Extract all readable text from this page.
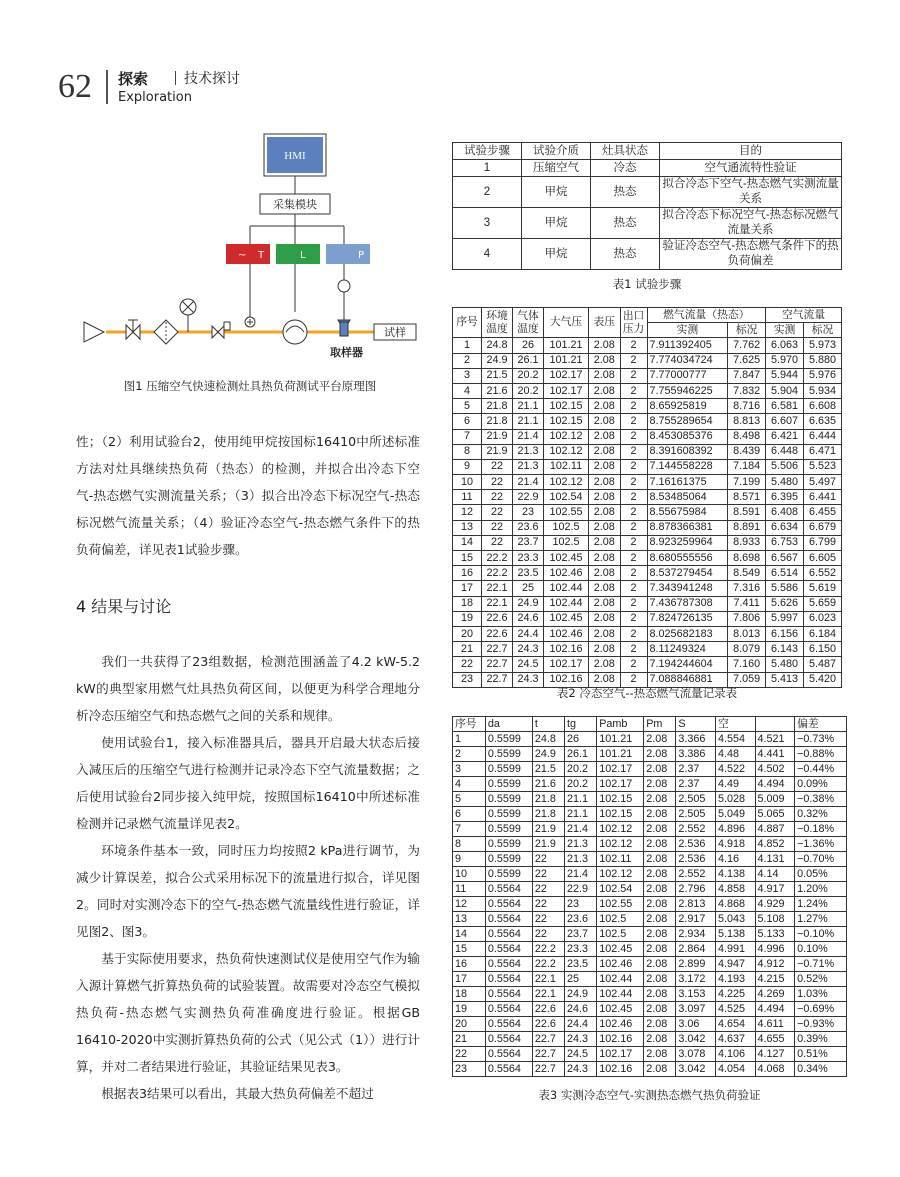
62 探索	技术探讨
Exploration
HMI
采集模块
~ T	L	P
取样器
试样
图1 压缩空气快速检测灶具热负荷测试平台原理图
性；（2）利用试验台2，使用纯甲烷按国标16410中所述标准方法对灶具继续热负荷（热态）的检测，并拟合出冷态下空气-热态燃气实测流量关系；（3）拟合出冷态下标况空气-热态标况燃气流量关系；（4）验证冷态空气-热态燃气条件下的热负荷偏差，详见表1试验步骤。
4 结果与讨论
我们一共获得了23组数据，检测范围涵盖了4.2 kW-5.2 kW的典型家用燃气灶具热负荷区间，以便更为科学合理地分析冷态压缩空气和热态燃气之间的关系和规律。
使用试验台1，接入标准器具后，器具开启最大状态后接入减压后的压缩空气进行检测并记录冷态下空气流量数据；之后使用试验台2同步接入纯甲烷，按照国标16410中所述标准检测并记录燃气流量详见表2。
环境条件基本一致，同时压力均按照2 kPa进行调节，为减少计算误差，拟合公式采用标况下的流量进行拟合，详见图2。同时对实测冷态下的空气-热态燃气流量线性进行验证，详见图2、图3。
基于实际使用要求，热负荷快速测试仪是使用空气作为输入源计算燃气折算热负荷的试验装置。故需要对冷态空气模拟热负荷-热态燃气实测热负荷准确度进行验证。根据GB 16410-2020中实测折算热负荷的公式（见公式（1））进行计算，并对二者结果进行验证，其验证结果见表3。
根据表3结果可以看出，其最大热负荷偏差不超过
试验步骤	试验介质	灶具状态	目的
1	压缩空气	冷态	空气通流特性验证
2	甲烷	热态	拟合冷态下空气-热态燃气实测流量关系
3	甲烷	热态	拟合冷态下标况空气-热态标况燃气流量关系
4	甲烷	热态	验证冷态空气-热态燃气条件下的热负荷偏差
表1 试验步骤
序号	环境温度	气体温度	大气压	表压	出口压力	燃气流量（热态）		空气流量	
						实测	标况	实测	标况
1	24.8	26	101.21	2.08	2	7.911392405	7.762	6.063	5.973
2	24.9	26.1	101.21	2.08	2	7.774034724	7.625	5.970	5.880
3	21.5	20.2	102.17	2.08	2	7.77000777	7.847	5.944	5.976
4	21.6	20.2	102.17	2.08	2	7.755946225	7.832	5.904	5.934
5	21.8	21.1	102.15	2.08	2	8.65925819	8.716	6.581	6.608
6	21.8	21.1	102.15	2.08	2	8.755289654	8.813	6.607	6.635
7	21.9	21.4	102.12	2.08	2	8.453085376	8.498	6.421	6.444
8	21.9	21.3	102.12	2.08	2	8.391608392	8.439	6.448	6.471
9	22	21.3	102.11	2.08	2	7.144558228	7.184	5.506	5.523
10	22	21.4	102.12	2.08	2	7.16161375	7.199	5.480	5.497
11	22	22.9	102.54	2.08	2	8.53485064	8.571	6.395	6.441
12	22	23	102.55	2.08	2	8.55675984	8.591	6.408	6.455
13	22	23.6	102.5	2.08	2	8.878366381	8.891	6.634	6.679
14	22	23.7	102.5	2.08	2	8.923259964	8.933	6.753	6.799
15	22.2	23.3	102.45	2.08	2	8.680555556	8.698	6.567	6.605
16	22.2	23.5	102.46	2.08	2	8.537279454	8.549	6.514	6.552
17	22.1	25	102.44	2.08	2	7.343941248	7.316	5.586	5.619
18	22.1	24.9	102.44	2.08	2	7.436787308	7.411	5.626	5.659
19	22.6	24.6	102.45	2.08	2	7.824726135	7.806	5.997	6.023
20	22.6	24.4	102.46	2.08	2	8.025682183	8.013	6.156	6.184
21	22.7	24.3	102.16	2.08	2	8.11249324	8.079	6.143	6.150
22	22.7	24.5	102.17	2.08	2	7.194244604	7.160	5.480	5.487
23	22.7	24.3	102.16	2.08	2	7.088846881	7.059	5.413	5.420
表2 冷态空气--热态燃气流量记录表
序号	da	t	tg	Pamb	Pm	S	空		偏差
1	0.5599	24.8	26	101.21	2.08	3.366	4.554	4.521	−0.73%
2	0.5599	24.9	26.1	101.21	2.08	3.386	4.48	4.441	−0.88%
3	0.5599	21.5	20.2	102.17	2.08	2.37	4.522	4.502	−0.44%
4	0.5599	21.6	20.2	102.17	2.08	2.37	4.49	4.494	0.09%
5	0.5599	21.8	21.1	102.15	2.08	2.505	5.028	5.009	−0.38%
6	0.5599	21.8	21.1	102.15	2.08	2.505	5.049	5.065	0.32%
7	0.5599	21.9	21.4	102.12	2.08	2.552	4.896	4.887	−0.18%
8	0.5599	21.9	21.3	102.12	2.08	2.536	4.918	4.852	−1.36%
9	0.5599	22	21.3	102.11	2.08	2.536	4.16	4.131	−0.70%
10	0.5599	22	21.4	102.12	2.08	2.552	4.138	4.14	0.05%
11	0.5564	22	22.9	102.54	2.08	2.796	4.858	4.917	1.20%
12	0.5564	22	23	102.55	2.08	2.813	4.868	4.929	1.24%
13	0.5564	22	23.6	102.5	2.08	2.917	5.043	5.108	1.27%
14	0.5564	22	23.7	102.5	2.08	2.934	5.138	5.133	−0.10%
15	0.5564	22.2	23.3	102.45	2.08	2.864	4.991	4.996	0.10%
16	0.5564	22.2	23.5	102.46	2.08	2.899	4.947	4.912	−0.71%
17	0.5564	22.1	25	102.44	2.08	3.172	4.193	4.215	0.52%
18	0.5564	22.1	24.9	102.44	2.08	3.153	4.225	4.269	1.03%
19	0.5564	22.6	24.6	102.45	2.08	3.097	4.525	4.494	−0.69%
20	0.5564	22.6	24.4	102.46	2.08	3.06	4.654	4.611	−0.93%
21	0.5564	22.7	24.3	102.16	2.08	3.042	4.637	4.655	0.39%
22	0.5564	22.7	24.5	102.17	2.08	3.078	4.106	4.127	0.51%
23	0.5564	22.7	24.3	102.16	2.08	3.042	4.054	4.068	0.34%
表3 实测冷态空气-实测热态燃气热负荷验证
